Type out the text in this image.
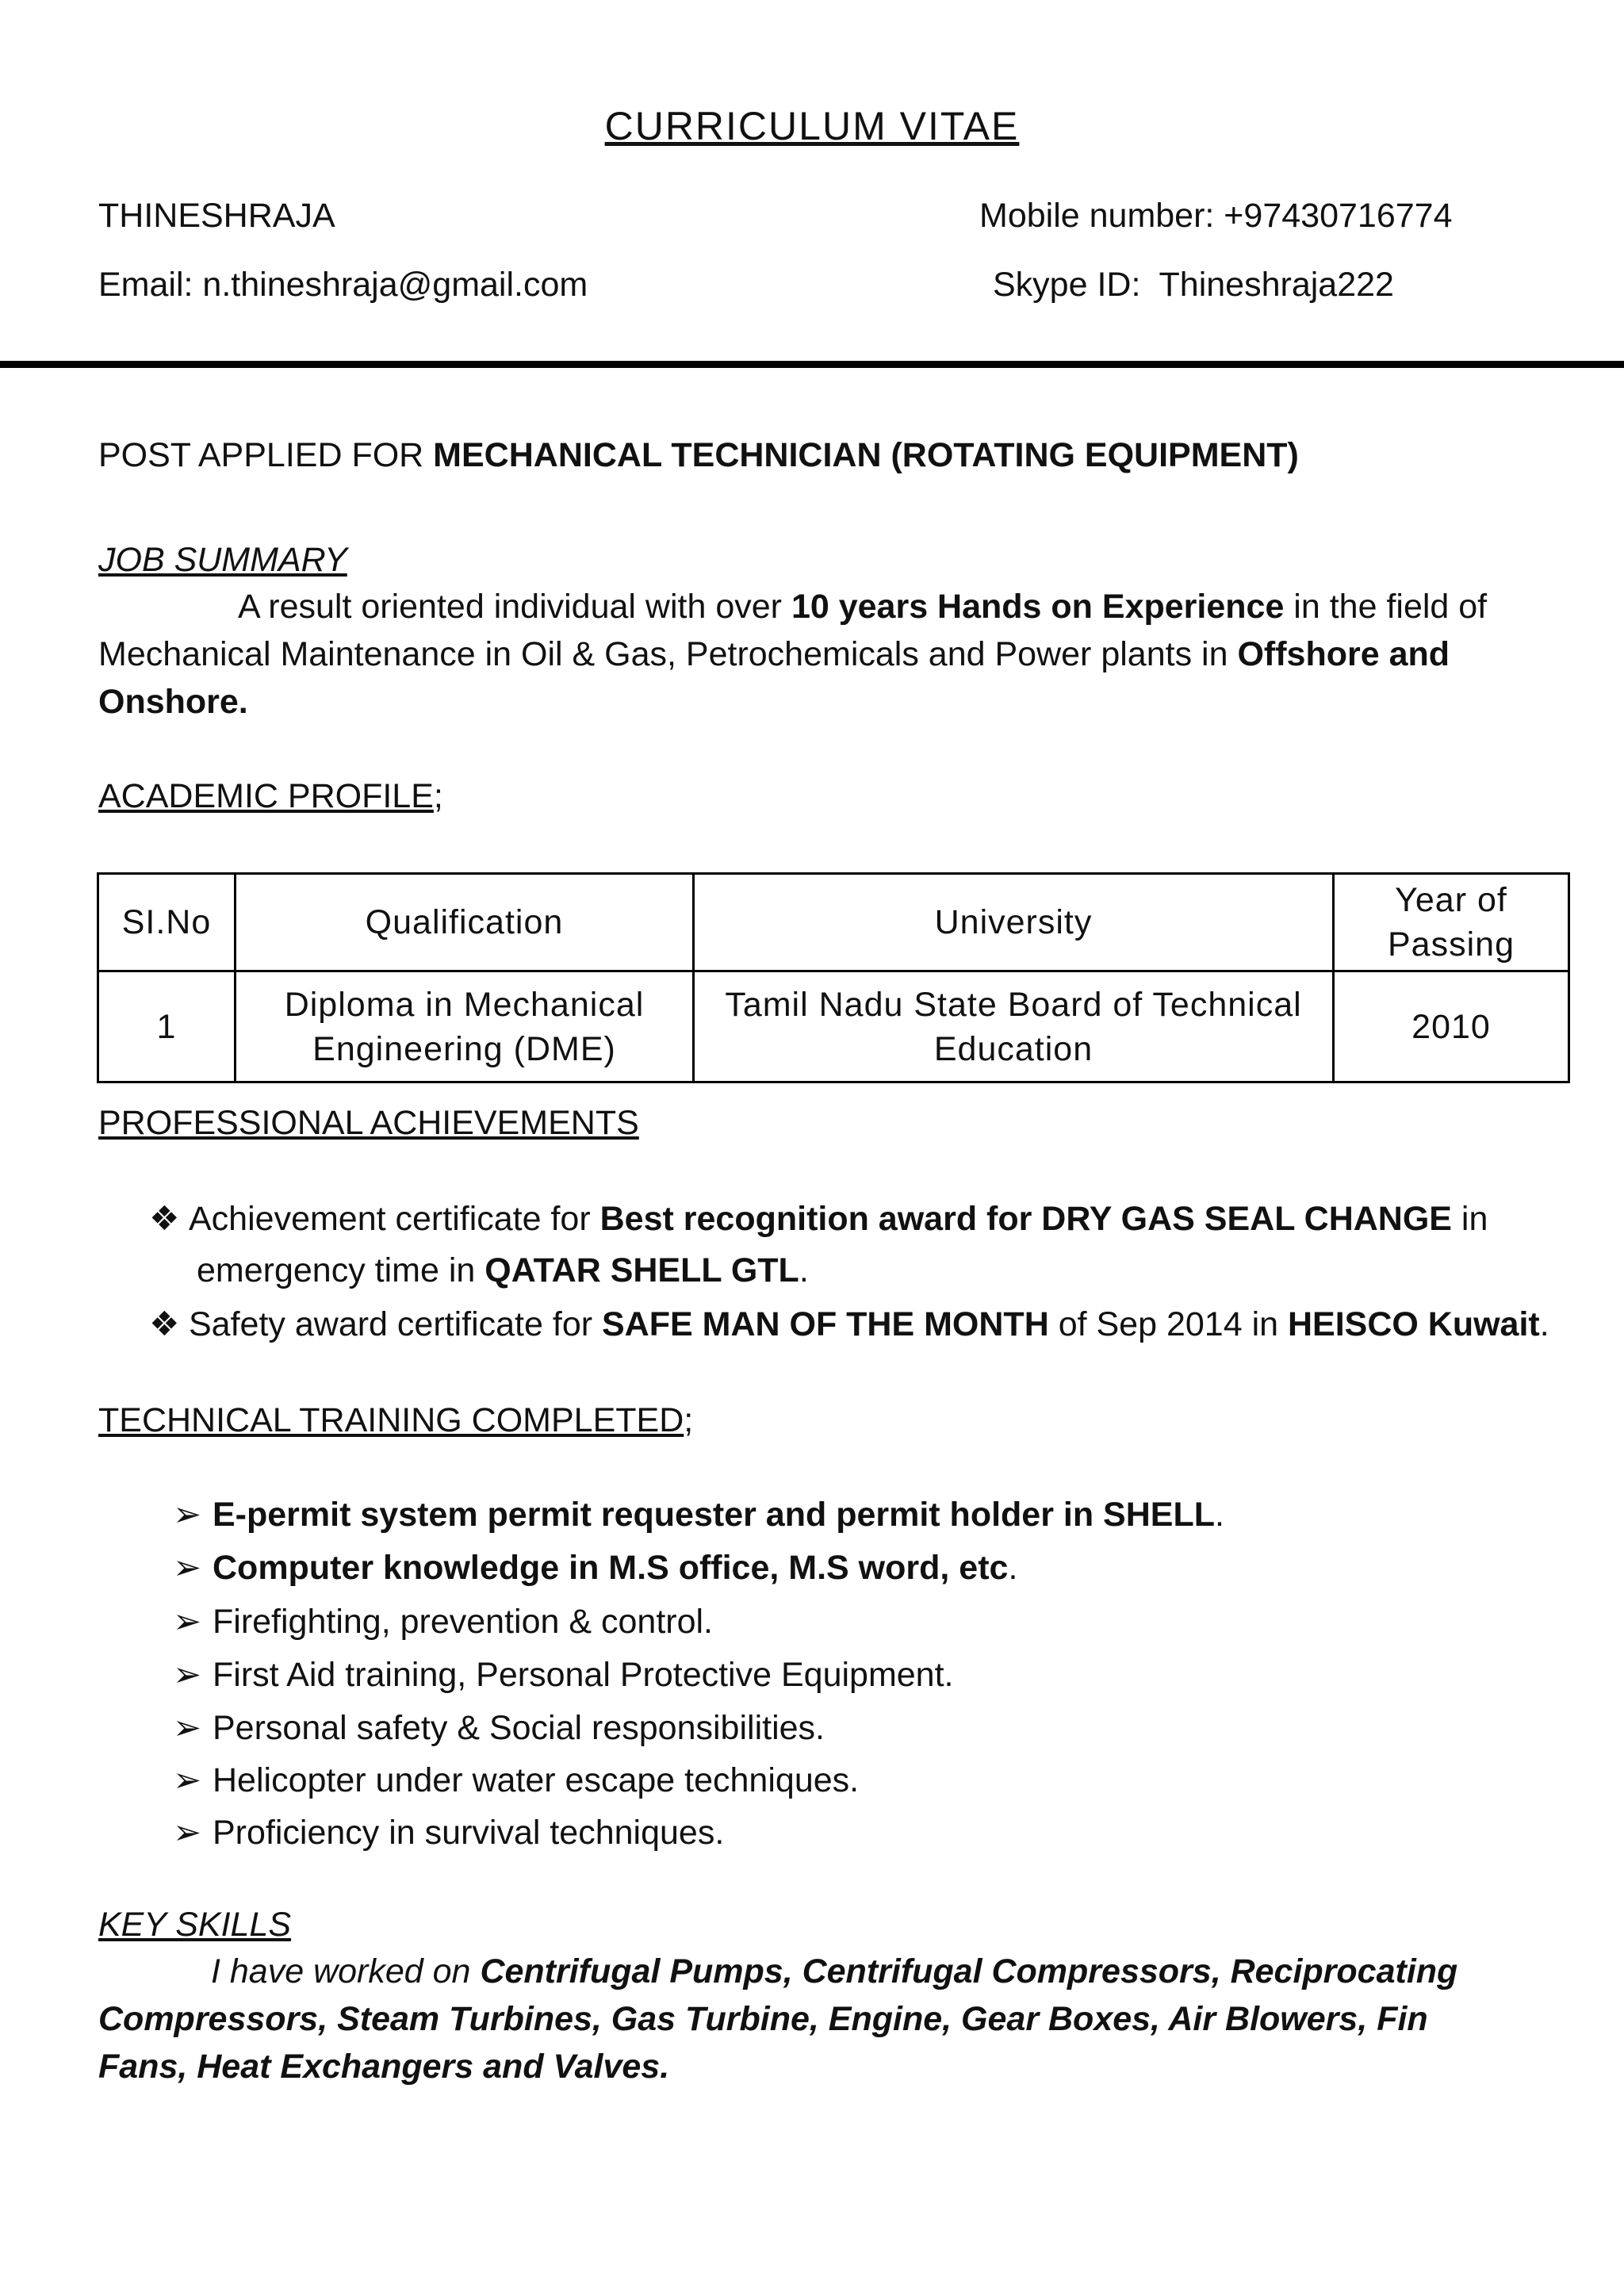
CURRICULUM VITAE
THINESHRAJA	Mobile number: +97430716774
Email: n.thineshraja@gmail.com	Skype ID: Thineshraja222
POST APPLIED FOR MECHANICAL TECHNICIAN (ROTATING EQUIPMENT)
JOB SUMMARY
A result oriented individual with over 10 years Hands on Experience in the field of Mechanical Maintenance in Oil & Gas, Petrochemicals and Power plants in Offshore and Onshore.
ACADEMIC PROFILE;
SI.No	Qualification	University	Year of Passing
1	Diploma in Mechanical Engineering (DME)	Tamil Nadu State Board of Technical Education	2010
PROFESSIONAL ACHIEVEMENTS
❖ Achievement certificate for Best recognition award for DRY GAS SEAL CHANGE in
emergency time in QATAR SHELL GTL.
❖ Safety award certificate for SAFE MAN OF THE MONTH of Sep 2014 in HEISCO Kuwait.
TECHNICAL TRAINING COMPLETED;
➢ E-permit system permit requester and permit holder in SHELL.
➢ Computer knowledge in M.S office, M.S word, etc.
➢ Firefighting, prevention & control.
➢ First Aid training, Personal Protective Equipment.
➢ Personal safety & Social responsibilities.
➢ Helicopter under water escape techniques.
➢ Proficiency in survival techniques.
KEY SKILLS
I have worked on Centrifugal Pumps, Centrifugal Compressors, Reciprocating Compressors, Steam Turbines, Gas Turbine, Engine, Gear Boxes, Air Blowers, Fin Fans, Heat Exchangers and Valves.
